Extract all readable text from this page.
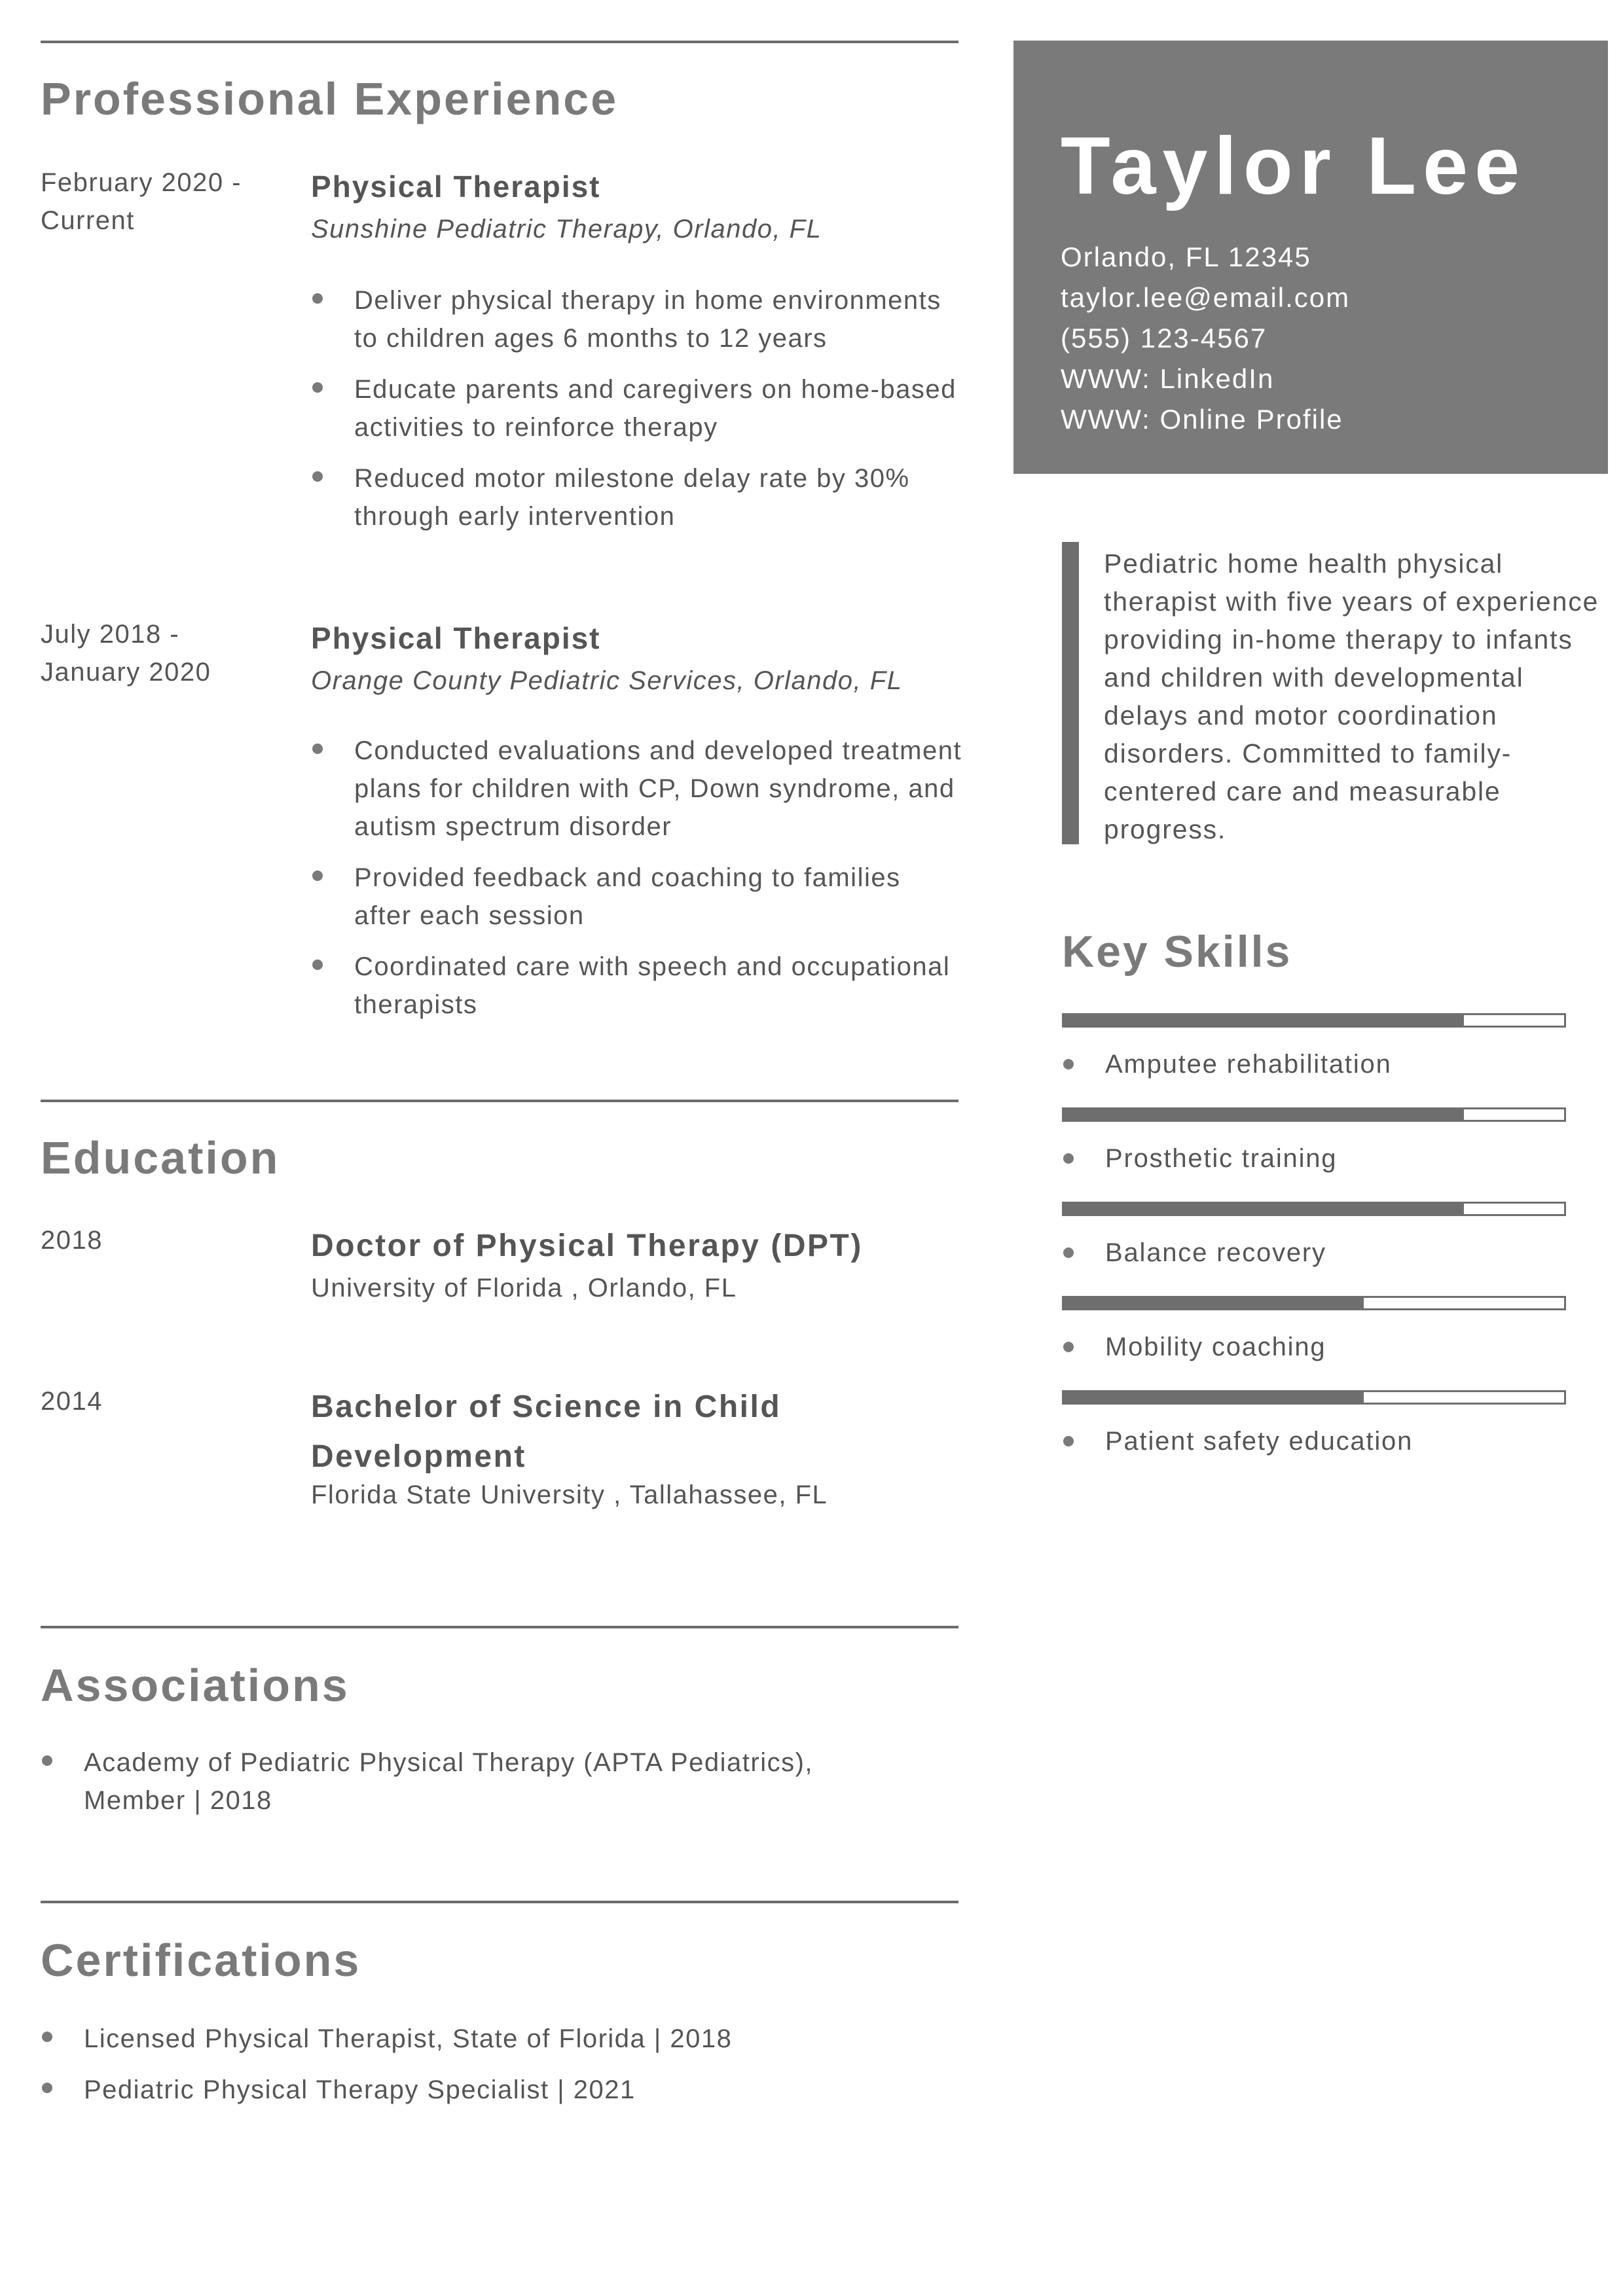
Professional Experience
February 2020 -
Current
Physical Therapist
Sunshine Pediatric Therapy, Orlando, FL
Deliver physical therapy in home environments to children ages 6 months to 12 years
Educate parents and caregivers on home-based activities to reinforce therapy
Reduced motor milestone delay rate by 30% through early intervention
July 2018 -
January 2020
Physical Therapist
Orange County Pediatric Services, Orlando, FL
Conducted evaluations and developed treatment plans for children with CP, Down syndrome, and autism spectrum disorder
Provided feedback and coaching to families after each session
Coordinated care with speech and occupational therapists
Education
2018	Doctor of Physical Therapy (DPT)
University of Florida , Orlando, FL
2014	Bachelor of Science in Child Development
Florida State University , Tallahassee, FL
Associations
Academy of Pediatric Physical Therapy (APTA Pediatrics), Member | 2018
Certifications
Licensed Physical Therapist, State of Florida | 2018
Pediatric Physical Therapy Specialist | 2021
Taylor Lee
Orlando, FL 12345
taylor.lee@email.com
(555) 123-4567
WWW: LinkedIn
WWW: Online Profile
Pediatric home health physical therapist with five years of experience providing in-home therapy to infants and children with developmental delays and motor coordination disorders. Committed to family-centered care and measurable progress.
Key Skills
Amputee rehabilitation
Prosthetic training
Balance recovery
Mobility coaching
Patient safety education
